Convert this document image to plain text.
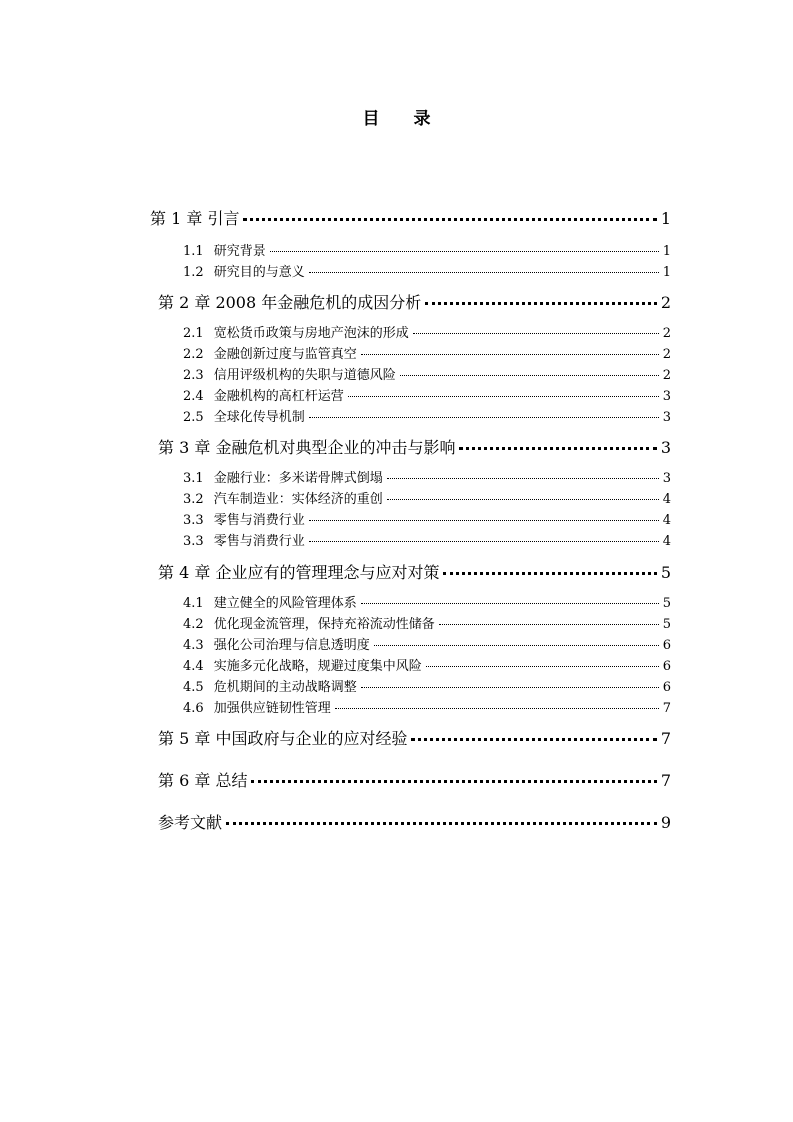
目 录
第 1 章 引言	1
1.1 研究背景	1
1.2 研究目的与意义	1
第 2 章 2008 年金融危机的成因分析	2
2.1 宽松货币政策与房地产泡沫的形成	2
2.2 金融创新过度与监管真空	2
2.3 信用评级机构的失职与道德风险	2
2.4 金融机构的高杠杆运营	3
2.5 全球化传导机制	3
第 3 章 金融危机对典型企业的冲击与影响	3
3.1 金融行业：多米诺骨牌式倒塌	3
3.2 汽车制造业：实体经济的重创	4
3.3 零售与消费行业	4
3.3 零售与消费行业	4
第 4 章 企业应有的管理理念与应对对策	5
4.1 建立健全的风险管理体系	5
4.2 优化现金流管理，保持充裕流动性储备	5
4.3 强化公司治理与信息透明度	6
4.4 实施多元化战略，规避过度集中风险	6
4.5 危机期间的主动战略调整	6
4.6 加强供应链韧性管理	7
第 5 章 中国政府与企业的应对经验	7
第 6 章 总结	7
参考文献	9
